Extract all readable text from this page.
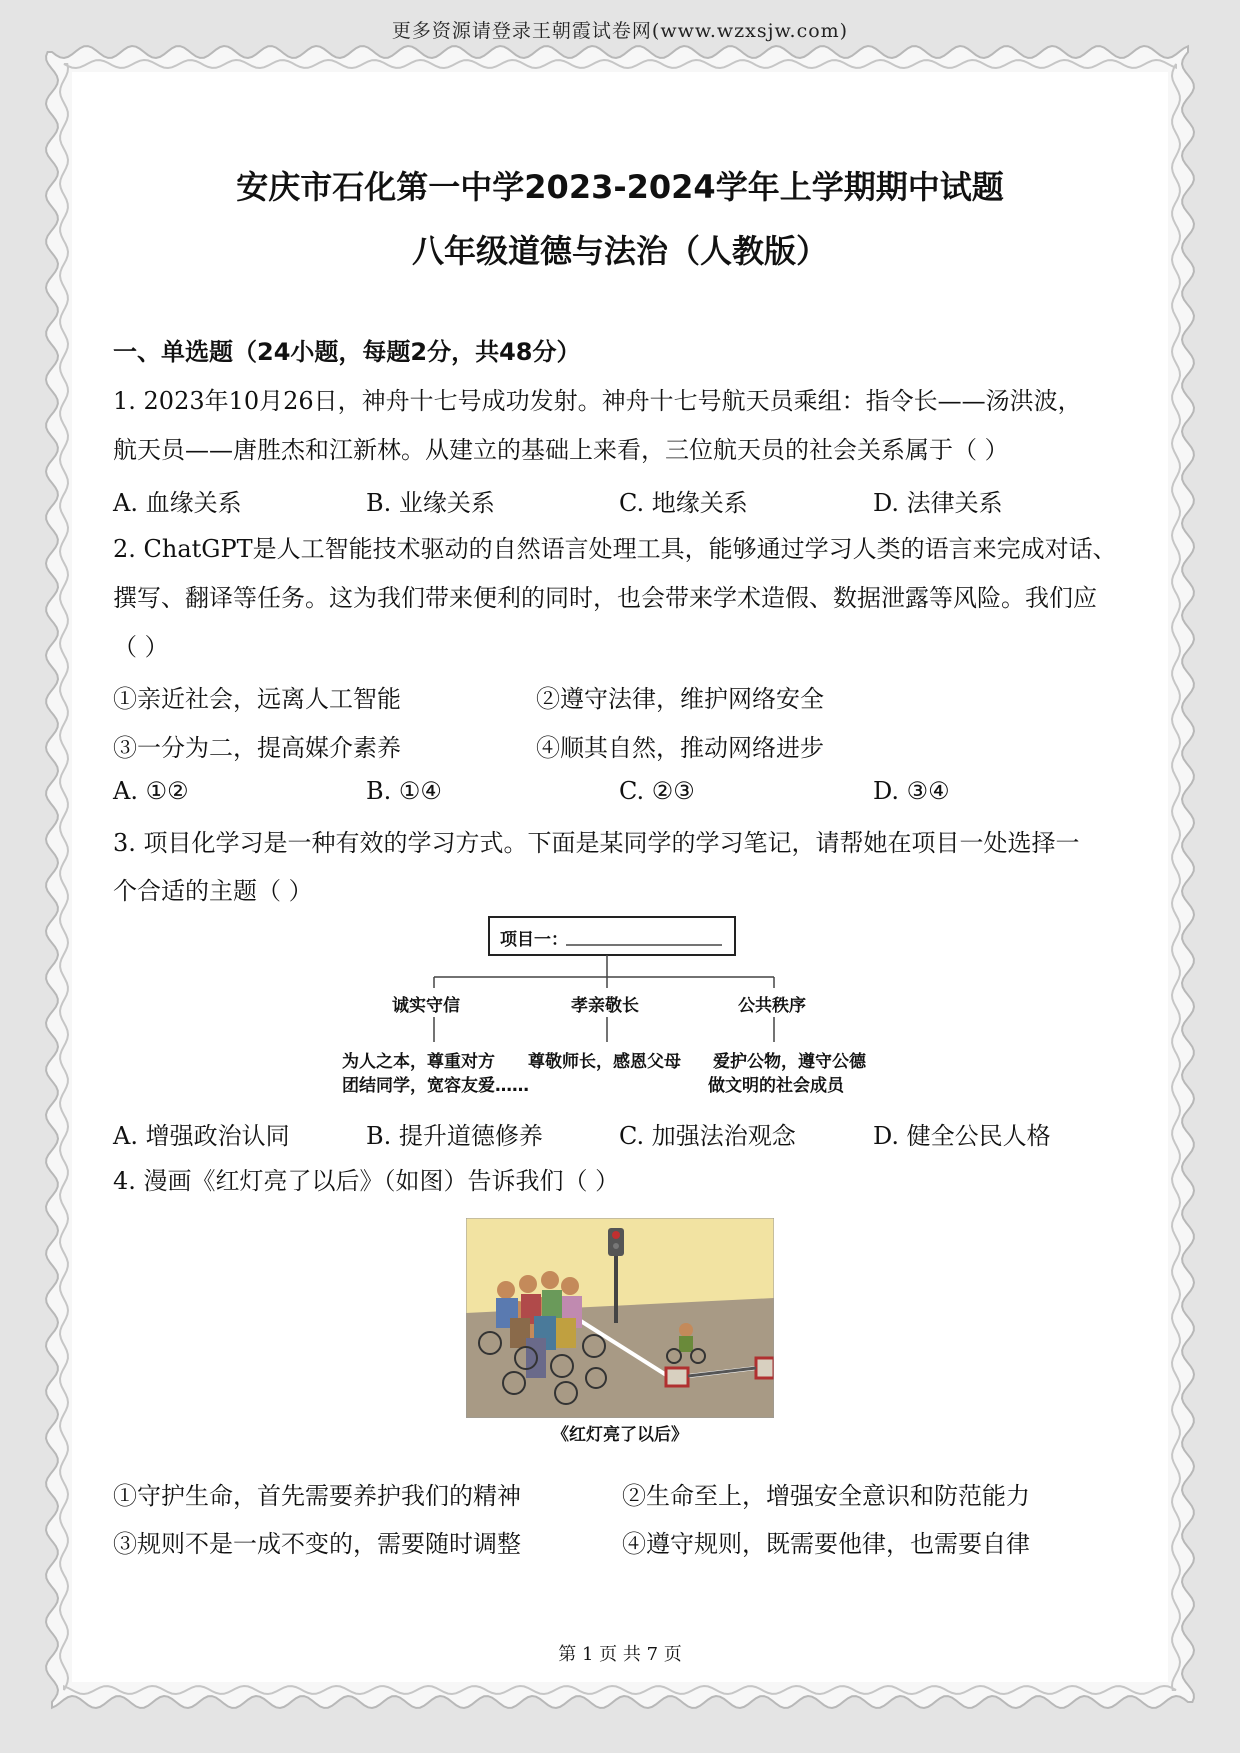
更多资源请登录王朝霞试卷网(www.wzxsjw.com)
安庆市石化第一中学2023-2024学年上学期期中试题
八年级道德与法治（人教版）
一、单选题（24小题，每题2分，共48分）
1. 2023年10月26日，神舟十七号成功发射。神舟十七号航天员乘组：指令长——汤洪波，
航天员——唐胜杰和江新林。从建立的基础上来看，三位航天员的社会关系属于（ ）
A. 血缘关系	B. 业缘关系	C. 地缘关系	D. 法律关系
2. ChatGPT是人工智能技术驱动的自然语言处理工具，能够通过学习人类的语言来完成对话、
撰写、翻译等任务。这为我们带来便利的同时，也会带来学术造假、数据泄露等风险。我们应
（ ）
①亲近社会，远离人工智能	②遵守法律，维护网络安全
③一分为二，提高媒介素养	④顺其自然，推动网络进步
A. ①②	B. ①④	C. ②③	D. ③④
3. 项目化学习是一种有效的学习方式。下面是某同学的学习笔记，请帮她在项目一处选择一
个合适的主题（ ）
项目一：
诚实守信	孝亲敬长	公共秩序
为人之本，尊重对方
团结同学，宽容友爱……
尊敬师长，感恩父母 爱护公物，遵守公德
做文明的社会成员
A. 增强政治认同	B. 提升道德修养	C. 加强法治观念	D. 健全公民人格
4. 漫画《红灯亮了以后》（如图）告诉我们（ ）
《红灯亮了以后》
①守护生命，首先需要养护我们的精神	②生命至上，增强安全意识和防范能力
③规则不是一成不变的，需要随时调整	④遵守规则，既需要他律，也需要自律
第 1 页 共 7 页
